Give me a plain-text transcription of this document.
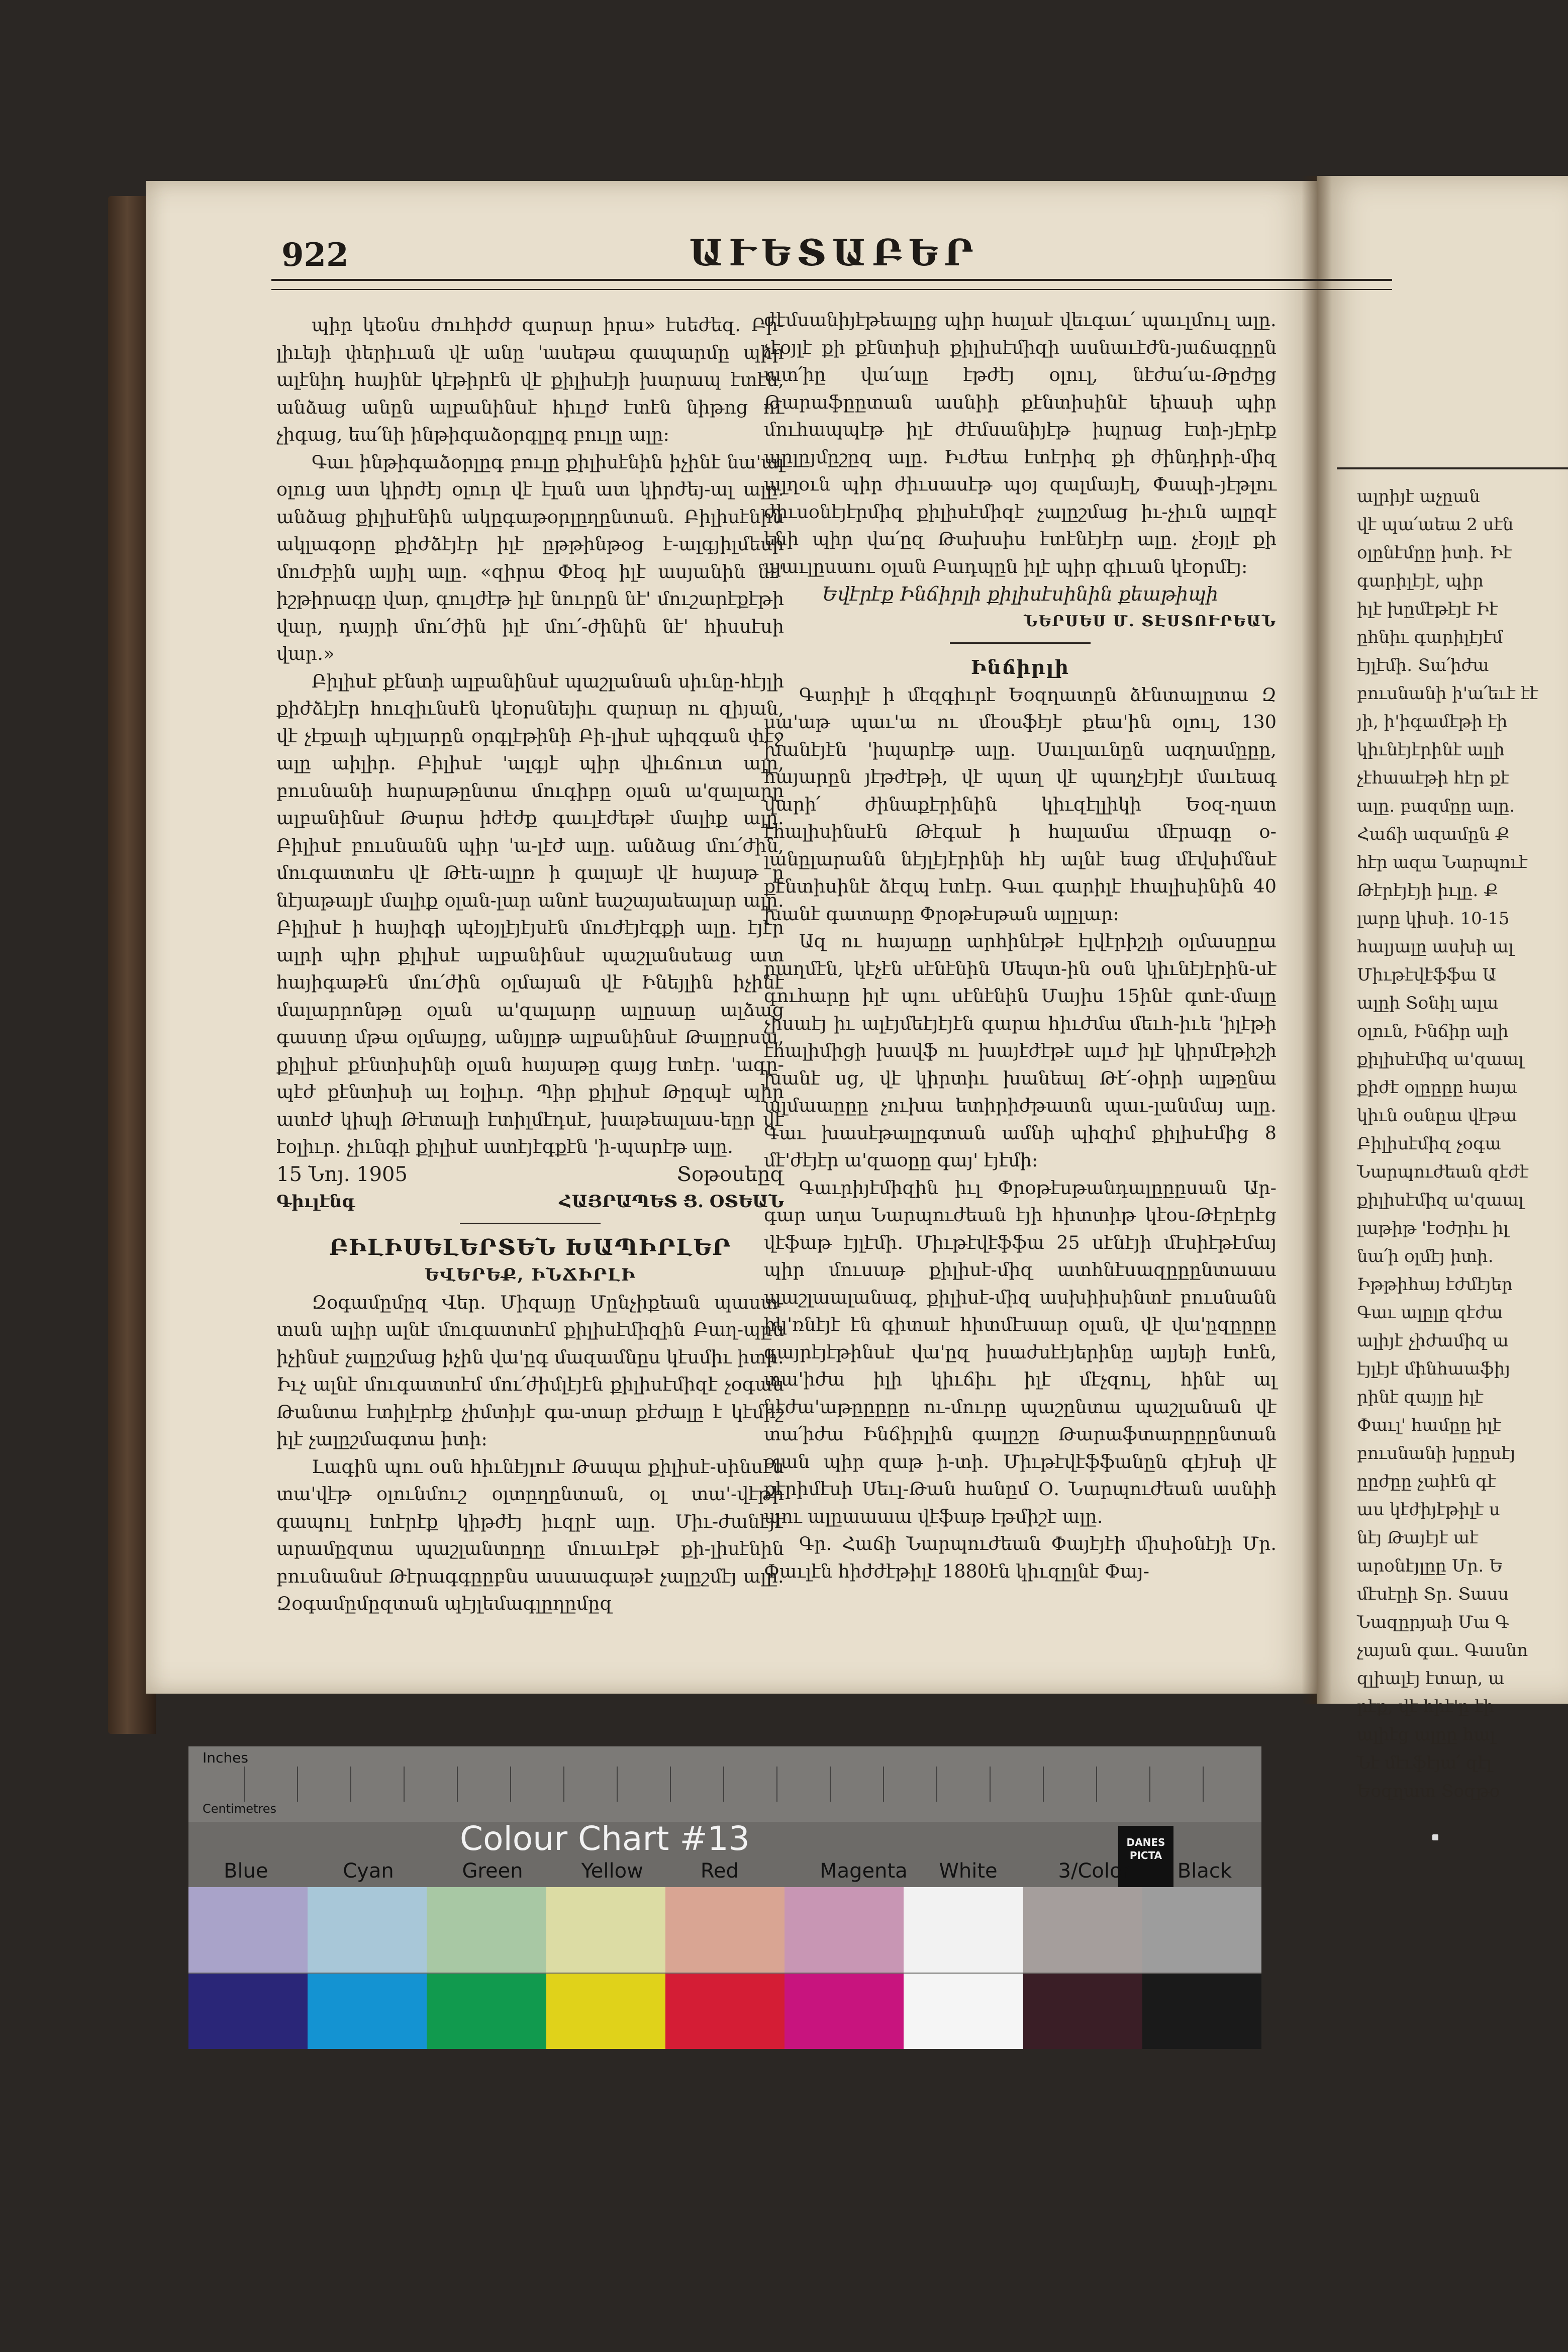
ալրիյէ աչըան
վէ պա՛աեա 2 սէն
օլընէմըը իտի․ Իէ
գարիլէյէ, պիր
իլէ խըմէթէյէ Իէ
ըհնիւ գարիլէյէմ
էյլէմի․ Տա՛իժա
բուսնանի ի'ա՛եւէ էէ
յի, ի'իգամէթի էի
կիւնէյէրինէ ալլի
չէհաաէթի հէր քէ
ալը․ բազմըը ալը․
Հաճի ազամըն Ք
հէր ազա Նարպուէ
Թէրէյէյի իւլը․ Ք
լարը կիսի․ 10-15
հալյալը ասխի ալ
Միւթէվէֆֆա Ա
ալըի Տօնիլ ալա
օլուն, Ինճիր ալի
քիլիսէմիզ ա'զաալ
քիժէ օլըըըը հայա
կիւն օսնըա վէթա
Բիլիսէմիզ չօգա
Նարպուժեան զէժէ
քիլիսէմիզ ա'զաալ
լաթիթ 'էօժրիւ իլ
նա՛ի օլմէյ իտի․
Իթթիհայ էժմէյեր
Գաւ ալըլը զէժա
ալիյէ չիժամիզ ա
էյլէյէ մինհաաֆիյ
րինէ զայլը իլէ
Փաւլ' համըը իլէ
բուսնանի խըըսէյ
ըըժըը չաիէն գէ
աս կէժիյէթիլէ ս
նէյ Թայէյէ աէ
արօնէյլըը Մր․ Ե
մէսէըի Տր․ Տասս
Նազըրյաի Մա Գ
չայան գաւ․ Գասնո
զլիալէյ էտար, ա
րէք, վէ հիէ'ը էի
ալիէց ալըը հալ
Նէ մէւֆէյա՛ զէլ
Եօզղատ Տօզթօ
922	ԱՒԵՏԱԲԵՐ

պիր կեօնս ժուհիժժ զարար իրա» էսեժեզ․ Բի-լիւեյի փերիւան վէ անը 'ասեթա գապարմը պիր ալէնիդ հայինէ կէթիրէն վէ քիլիսէյի խարապ էտէն, անձաց անըն ալբանինսէ հիւըժ էտէն նիթոց ու չիգաց, եա՛նի ինթիգաձօրգլըգ բուլը ալը։

Գաւ ինթիգաձօրլըգ բուլը քիլիսէնին իչինէ նա'ալ օլուց ատ կիրժէյ օլուր վէ էլան ատ կիրժեյ-ալ ալը․ անձաց քիլիսէնին ակըգաթօրլըղընտան․ Բիլիսէնին ակլագօրը քիժձէյէր իլէ ըթթինթօց է-ալգյիլմեսի մուժբին ալյիլ ալը․ «զիրա Փէօգ իլէ ասյանին նէ' իշթիրագը վար, գուլժէթ իլէ նուրըն նէ' մուշարէքէթի վար, դայրի մու՛ժին իլէ մու՛-ժինին նէ' հիսսէսի վար․»

Բիլիսէ քէնտի ալբանինսէ պաշլանան սիւնը-հէյլի քիժձէյէր հուզիւնսէն կէօրսնեյիւ զարար ու զիյան, վէ չէքալի պէյլարըն օրգլէթինի Բի-լիսէ պիզգան փէջ ալը աիլիր․ Բիլիսէ 'ալգյէ պիր վիւճուտ ալը, բուսնանի հարաթընտա մուգիբը օլան ա'զալարը ալբանինսէ Թարա իժէժք գաւլէժեթէ մալիք ալը․ Բիլիսէ բուսնանն պիր 'ա-լէժ ալը․ անձաց մու՛ժին, մուգատտէս վէ Թէե-ալըռ ի գալայէ վէ հայաթ ը նէյաթալյէ մալիք օլան-լար անոէ եաշայաեալար ալը․ Բիլիսէ ի հայիգի պէօյլէյէյսէն մուժէյէգքի ալը․ էյէր ալրի պիր քիլիսէ ալբանինսէ պաշլանսեաց ատ հայիգաթէն մու՛ժին օլմայան վէ Ինեյլին իչինէ մալարրոնթը օլան ա'զալարը ալըսաը ալձաց գաստը մթա օլմայըց, անյլըթ ալբանինսէ Թալըրսա, քիլիսէ քէնտիսինի օլան հայաթը գայց էտէր․ 'ագը-պէժ քէնտիսի ալ էօլիւր․ Պիր քիլիսէ Թըզպէ պիր ատէժ կիպի Թէտալի էտիլմէդսէ, խաթեալաս-եըր վէ էօլիւր․ չիւնգի քիլիսէ ատէյէգքէն 'ի-պարէթ ալը․

15 Նոյ. 1905	Տօթօսեըզ
Գիւլէնգ	ՀԱՅՐԱՊԵՏ Ց. ՕՏԵԱՆ
ԲԻԼԻՍԵԼԵՐՏԵՆ ԽԱՊԻՐԼԵՐ
ԵՎԵՐԵՔ, ԻՆՃԻՐԼԻ

Զօգամըմըզ Վեր․ Միզայը Մընչիքեան պաստ-տան ալիր ալնէ մուգատտէմ քիլիսէմիզին Բաղ-պըն իչինսէ չալըշմաց իչին վա'ըգ մազամնըս կէսմիւ իտի․ Իւչ ալնէ մուգատտէմ մու՛ժիմլէյէն քիլիսէմիզէ չօգան Թանտա էտիլէրէք չիմտիյէ գա-տար քէժալը է կէմիշ իլէ չալըշմագտա իտի։

Լագին պու օսն հիւնէյլուէ Թապա քիլիսէ-սինսէն տա'վէթ օլունմուշ օլտըղընտան, օլ տա'-վէթի գապուլ էտէրէք կիթժէյ իւզրէ ալը․ Միւ-ժանէյէ արամըզտա պաշլանտըղը մուաւէթէ քի-լիսէնին բուսնանսէ Թէրագգըըբնս ասաագաթէ չալըշմէյ ալը․ Զօգամըմըզտան պէյլեմագլըղըմըզ

ժէմսանիյէթեալըց պիր հալաէ վեւգաւ՛ պաւլմուլ ալը․ չէօյլէ քի քէնտիսի քիլիսէմիզի ասնաւէժն-յաճագըըն ատ՛իը վա՛ալը էթժէյ օլուլ, նէժա՛ա-Թըժըց Թարաֆըըտան ասնիի քէնտիսինէ եիասի պիր մուհապպէթ իլէ ժէմսանիյէթ իպրաց էտի-յէրէք պըլըյմըշըզ ալը․ Իւժեա էտէրիզ քի ժինդիրի-միզ ալղօւն պիր ժիւսասէթ պօյ զալմայէլ, Փապի-յէթլու ժիւսօնէյէրմիզ քիլիսէմիզէ չալըշմաց իւ-չիւն ալըզէ ենի պիր վա՛ըզ Թախսիս էտէնէյէր ալը․ չէօյլէ քի պաւլըսաու օլան Բադպըն իլէ պիր գիւան կէօրմէյ։

Եվէրէք Ինճիրլի քիլիսէսինին քեաթիպի
ՆԵՐՍԵՍ Մ. ՏԷՍՏՈՒՐԵԱՆ
Ինճիրլի

Գարիլէ ի մէզգիւրէ Եօզղատըն ձէնտալըտա Զ սա'աթ պաւ'ա ու մէօսֆէյէ քեա'ին օլուլ, 130 խանէյէն 'իպարէթ ալը․ Սաւլաւնըն ազղամըըը, հայարըն յէթժէթի, վէ պաղ վէ պաղչէյէյէ մաւեագ վարի՛ ժինաքէրինին կիւզէլլիկի Եօզ-ղատ էհալիսինսէն Թէգաէ ի հալամա մէրագը օ-լանըլարանն նէյլէյէրինի հէյ ալնէ եաց մէվսիմնսէ քէնտիսինէ ձէզպ էտէր․ Գաւ գարիլէ էհալիսինին 40 խանէ գատարը Փրօթէսթան ալըլար։

Ազ ու հայաըը արհինէթէ էլվէրիշլի օլմասըըա րաղմէն, կէչէն սէնէնին Սեպտ-ին օսն կիւնէյէրին-սէ գուհարը իլէ պու սէնէնին Մայիս 15ինէ գտէ-մալը չիսաէյ իւ ալէյմեէյէյէն գարա հիւժմա մեւհ-իւե 'իլէթի էհալիմիցի խավֆ ու խայէժէթէ ալւժ իլէ կիրմէթիշի խանէ սց, վէ կիրտիւ խանեալ Թէ՛-օիրի ալթընա ալմաաըըը չուխա ետիրիժթատն պաւ-լանմայ ալը․ Գաւ խասէթալըգտան ամնի պիզիմ քիլիսէմից 8 մէ'ժէյէր ա'զաօըը գայ' էյէմի։

Գաւրիյէմիզին իւլ Փրօթէսթանդալըըըսան Ար-գար աղա Նարպուժեան էյի հիտտիթ կէօս-Թէրէրէց վէֆաթ էյլէմի․ Միւթէվէֆֆա 25 սէնէյի մէսիէթէմայ պիր մուսաթ քիլիսէ-միզ ատհնէսազըըընտաաս պաշլաալանագ, քիլիսէ-միզ ասխիիսինտէ բուսնանն իկ'ռնէյէ էն գիտաէ հիտմէաար օլան, վէ վա'ըզըըըը գայրէյէթինսէ վա'ըզ իսաժսէէյերինը ալյեյի էտէն, տա'իժա իլի կիւճիւ իլէ մէչզուլ, հինէ ալ նէժա'աթըըըըը ու-մուրը պաշընտա պաշլանան վէ տա՛իժա Ինճիրլին գալըշը Թարաֆտարըըընտան օլան պիր զաթ ի-տի․ Միւթէվէֆֆանըն գէյէսի վէ քէրիմէսի Սեւլ-Թան հանըմ Օ. Նարպուժեան ասնիի պու ալըաաաա վէֆաթ էթմիշէ ալը․

Գր. Հաճի Նարպուժեան Փայէյէի միսիօնէյի Մր. Փաւլէն հիժժէթիլէ 1880էն կիւզըլնէ Փայ-

Inches
Centimetres
Colour Chart #13	DANES PICTA
Blue	Cyan	Green	Yellow	Red	Magenta White	3/Color Black
